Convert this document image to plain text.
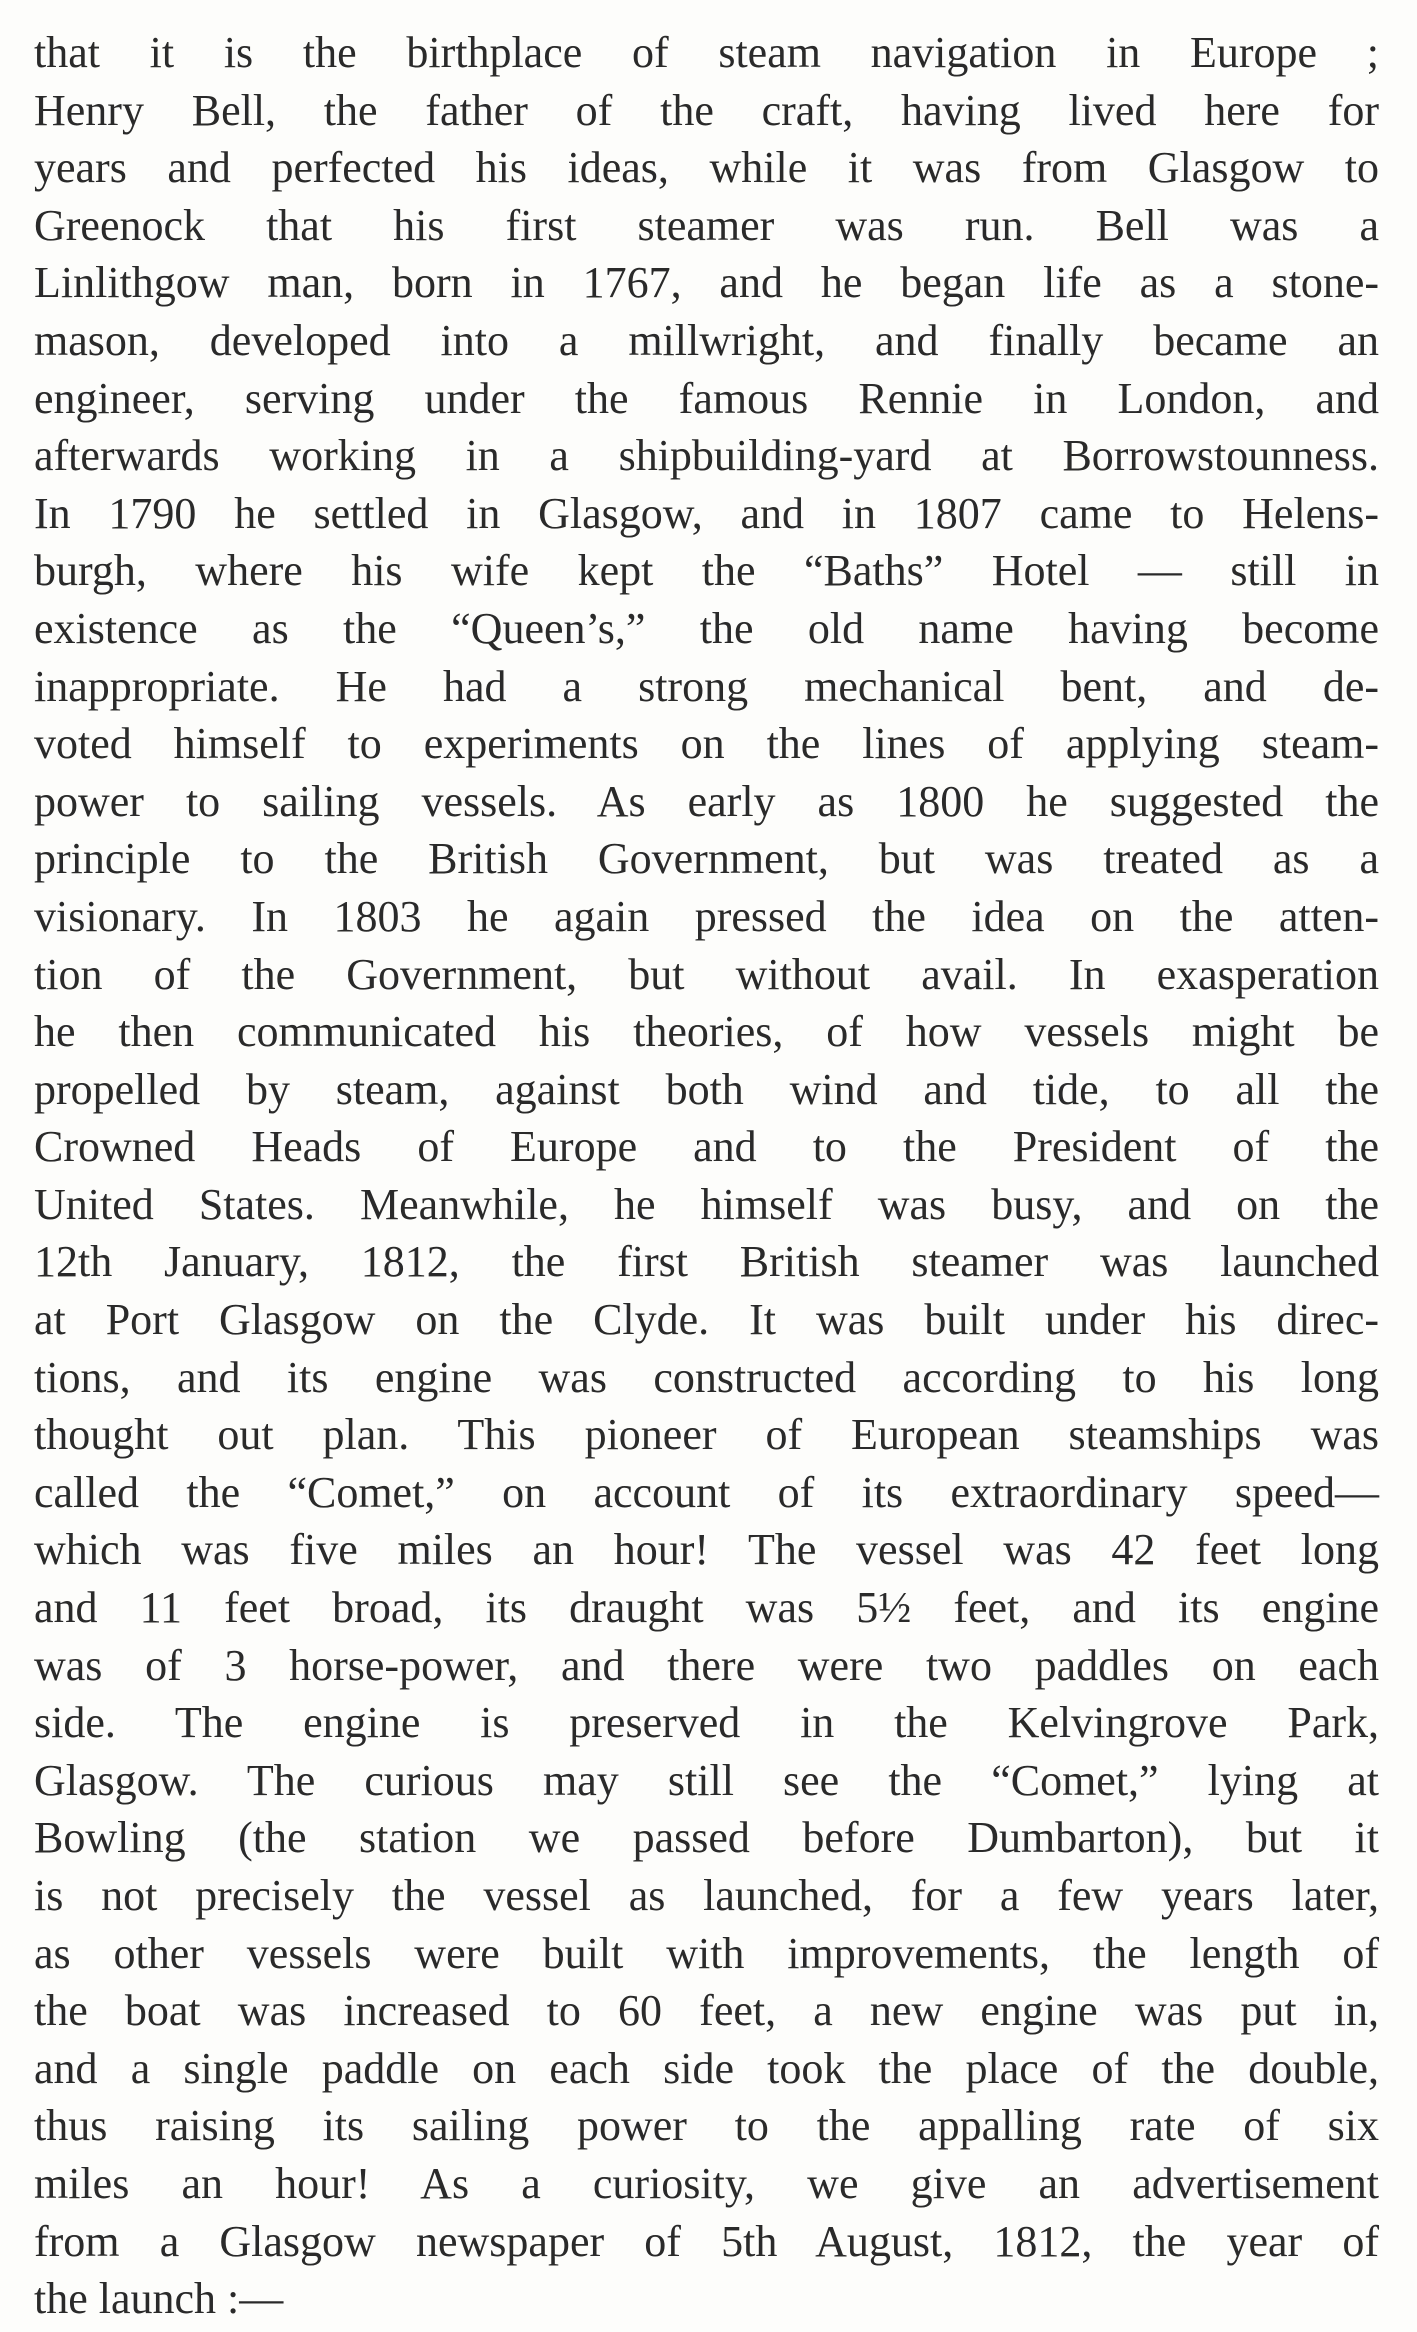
that it is the birthplace of steam navigation in Europe ;
Henry Bell, the father of the craft, having lived here for
years and perfected his ideas, while it was from Glasgow to
Greenock that his first steamer was run. Bell was a
Linlithgow man, born in 1767, and he began life as a stone-
mason, developed into a millwright, and finally became an
engineer, serving under the famous Rennie in London, and
afterwards working in a shipbuilding-yard at Borrowstounness.
In 1790 he settled in Glasgow, and in 1807 came to Helens-
burgh, where his wife kept the “Baths” Hotel — still in
existence as the “Queen’s,” the old name having become
inappropriate. He had a strong mechanical bent, and de-
voted himself to experiments on the lines of applying steam-
power to sailing vessels. As early as 1800 he suggested the
principle to the British Government, but was treated as a
visionary. In 1803 he again pressed the idea on the atten-
tion of the Government, but without avail. In exasperation
he then communicated his theories, of how vessels might be
propelled by steam, against both wind and tide, to all the
Crowned Heads of Europe and to the President of the
United States. Meanwhile, he himself was busy, and on the
12th January, 1812, the first British steamer was launched
at Port Glasgow on the Clyde. It was built under his direc-
tions, and its engine was constructed according to his long
thought out plan. This pioneer of European steamships was
called the “Comet,” on account of its extraordinary speed—
which was five miles an hour! The vessel was 42 feet long
and 11 feet broad, its draught was 5½ feet, and its engine
was of 3 horse-power, and there were two paddles on each
side. The engine is preserved in the Kelvingrove Park,
Glasgow. The curious may still see the “Comet,” lying at
Bowling (the station we passed before Dumbarton), but it
is not precisely the vessel as launched, for a few years later,
as other vessels were built with improvements, the length of
the boat was increased to 60 feet, a new engine was put in,
and a single paddle on each side took the place of the double,
thus raising its sailing power to the appalling rate of six
miles an hour! As a curiosity, we give an advertisement
from a Glasgow newspaper of 5th August, 1812, the year of
the launch :—
